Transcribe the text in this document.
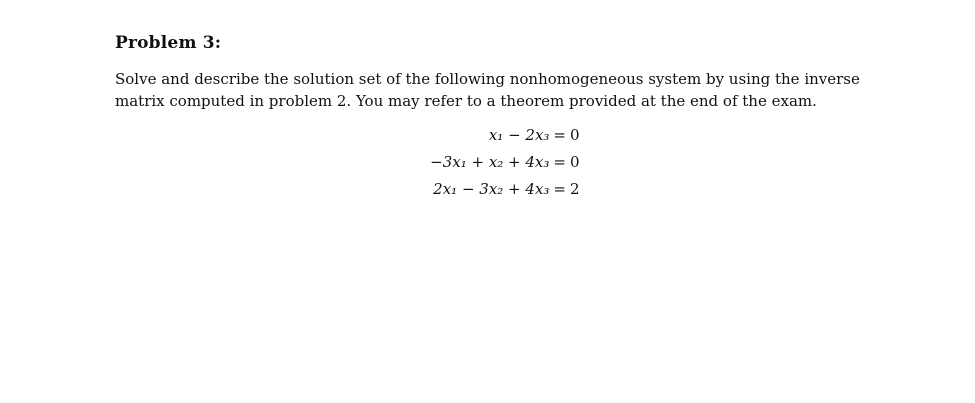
Problem 3:
Solve and describe the solution set of the following nonhomogeneous system by using the inverse
matrix computed in problem 2. You may refer to a theorem provided at the end of the exam.
x₁ − 2x₃ = 0
−3x₁ + x₂ + 4x₃ = 0
2x₁ − 3x₂ + 4x₃ = 2
